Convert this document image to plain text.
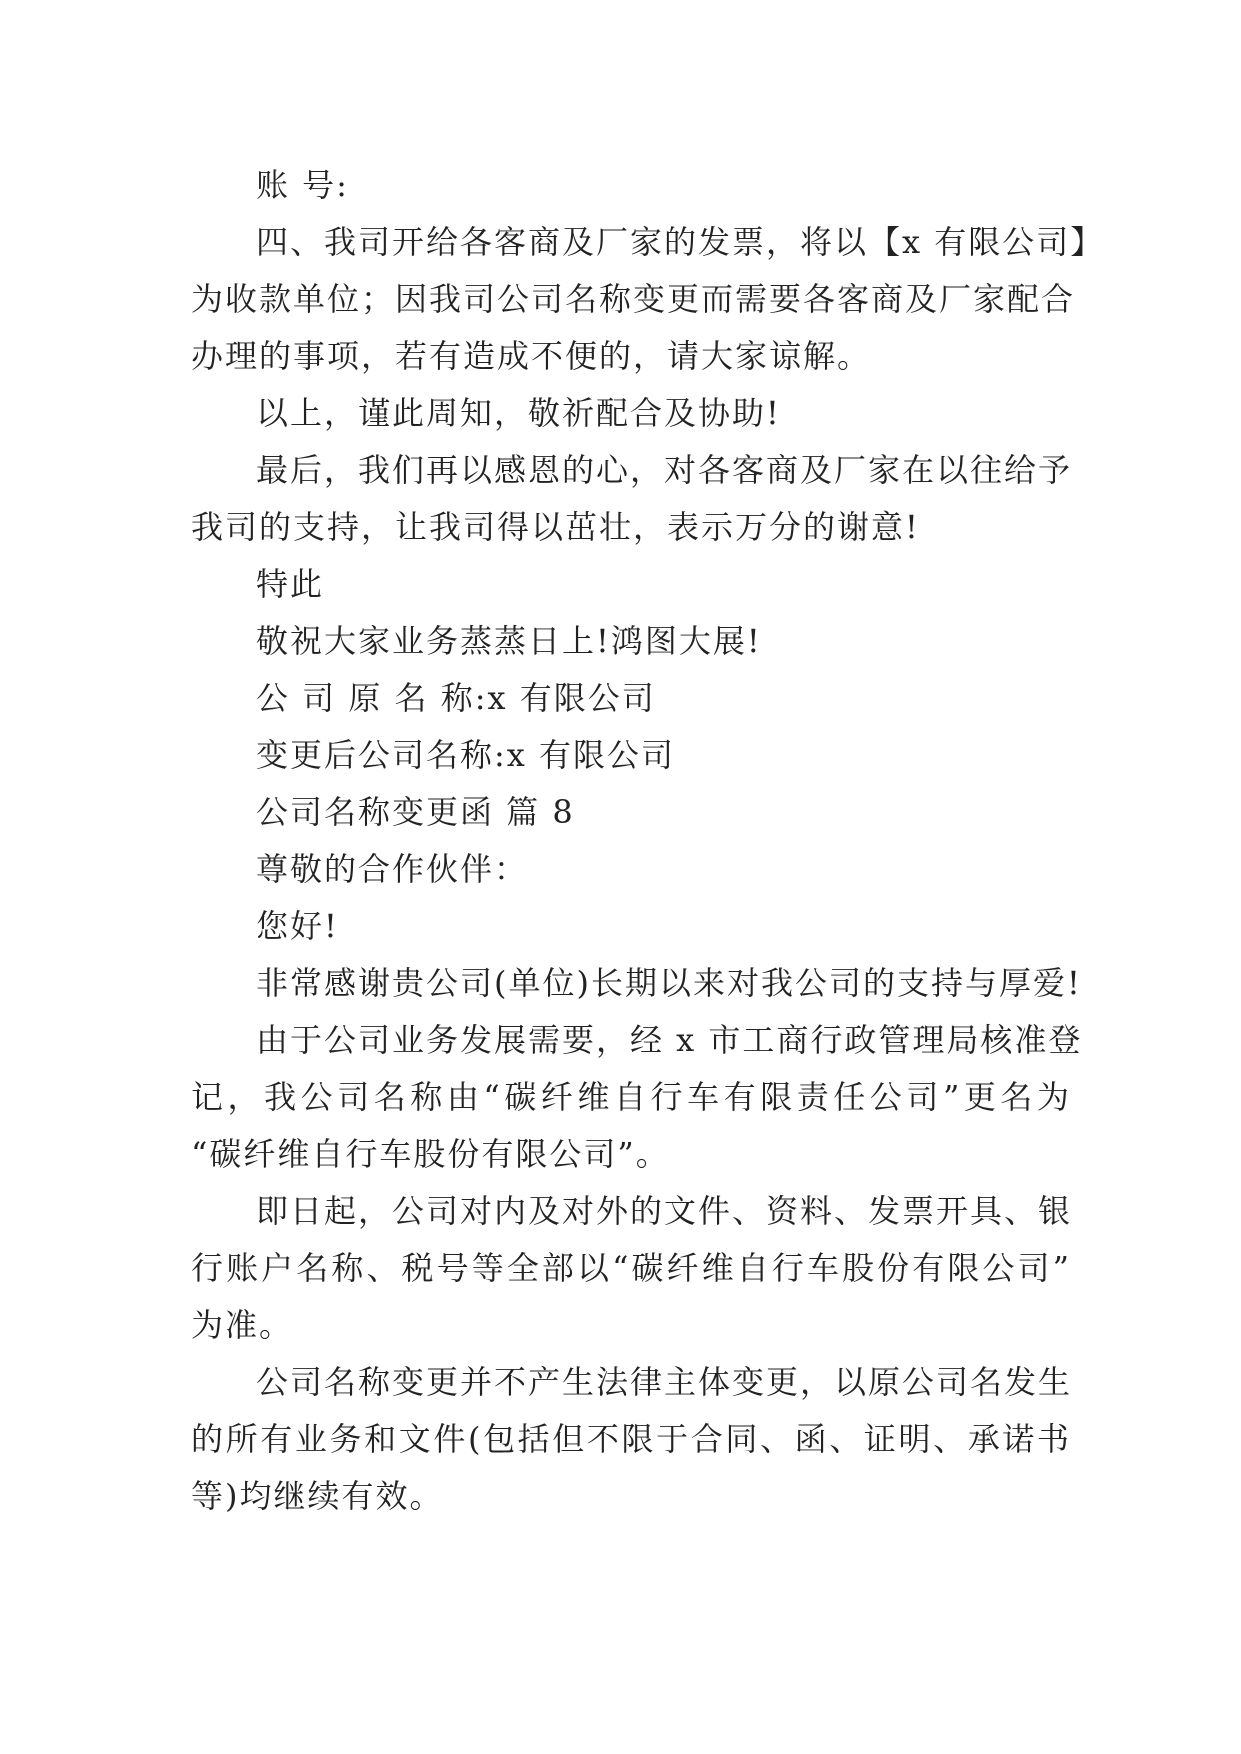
账 号:
四、我司开给各客商及厂家的发票，将以【x 有限公司】
为收款单位；因我司公司名称变更而需要各客商及厂家配合
办理的事项，若有造成不便的，请大家谅解。
以上，谨此周知，敬祈配合及协助!
最后，我们再以感恩的心，对各客商及厂家在以往给予
我司的支持，让我司得以茁壮，表示万分的谢意!
特此
敬祝大家业务蒸蒸日上!鸿图大展!
公 司 原 名 称:x 有限公司
变更后公司名称:x 有限公司
公司名称变更函 篇 8
尊敬的合作伙伴：
您好!
非常感谢贵公司(单位)长期以来对我公司的支持与厚爱!
由于公司业务发展需要，经 x 市工商行政管理局核准登
记，我公司名称由“碳纤维自行车有限责任公司”更名为
“碳纤维自行车股份有限公司”。
即日起，公司对内及对外的文件、资料、发票开具、银
行账户名称、税号等全部以“碳纤维自行车股份有限公司”
为准。
公司名称变更并不产生法律主体变更，以原公司名发生
的所有业务和文件(包括但不限于合同、函、证明、承诺书
等)均继续有效。
